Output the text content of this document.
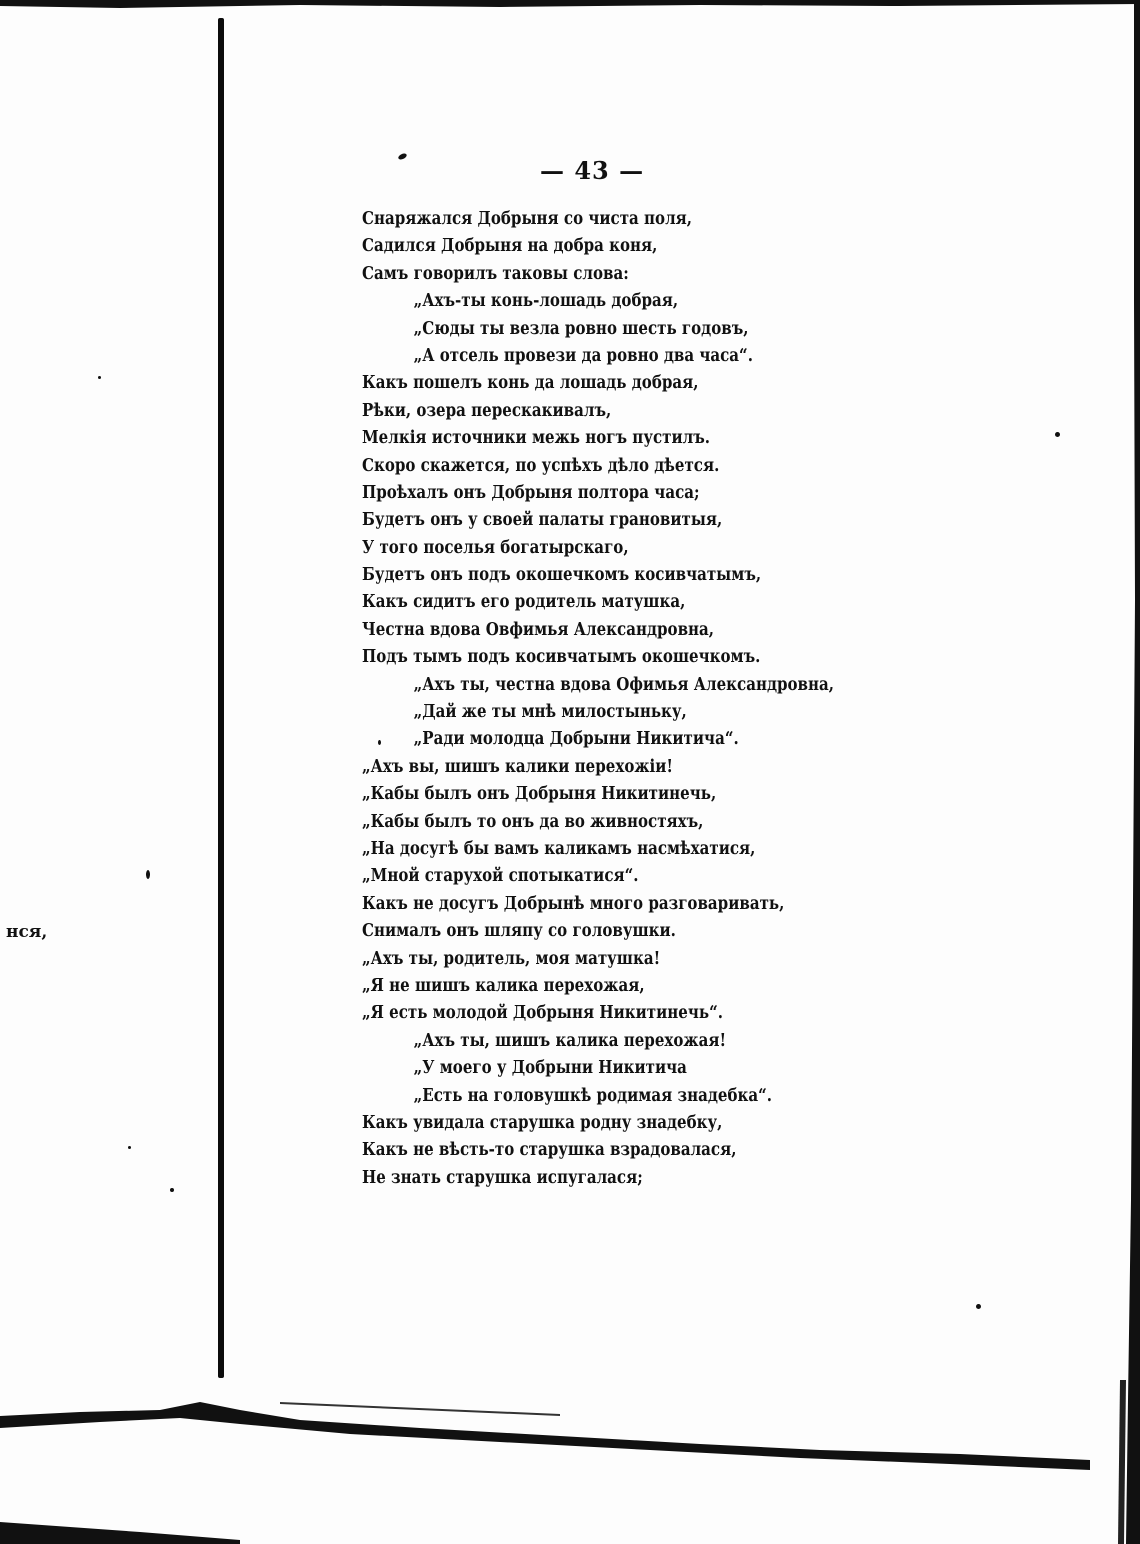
нся,
— 43 —
Снаряжался Добрыня со чиста поля,
Садился Добрыня на добра коня,
Самъ говорилъ таковы слова:
„Ахъ-ты конь-лошадь добрая,
„Сюды ты везла ровно шесть годовъ,
„А отсель провези да ровно два часа“.
Какъ пошелъ конь да лошадь добрая,
Рѣки, озера перескакивалъ,
Мелкія источники межь ногъ пустилъ.
Скоро скажется, по успѣхъ дѣло дѣется.
Проѣхалъ онъ Добрыня полтора часа;
Будетъ онъ у своей палаты грановитыя,
У того поселья богатырскаго,
Будетъ онъ подъ окошечкомъ косивчатымъ,
Какъ сидитъ его родитель матушка,
Честна вдова Овфимья Александровна,
Подъ тымъ подъ косивчатымъ окошечкомъ.
„Ахъ ты, честна вдова Офимья Александровна,
„Дай же ты мнѣ милостыньку,
„Ради молодца Добрыни Никитича“.
„Ахъ вы, шишъ калики перехожіи!
„Кабы былъ онъ Добрыня Никитинечь,
„Кабы былъ то онъ да во живностяхъ,
„На досугѣ бы вамъ каликамъ насмѣхатися,
„Мной старухой спотыкатися“.
Какъ не досугъ Добрынѣ много разговаривать,
Снималъ онъ шляпу со головушки.
„Ахъ ты, родитель, моя матушка!
„Я не шишъ калика перехожая,
„Я есть молодой Добрыня Никитинечь“.
„Ахъ ты, шишъ калика перехожая!
„У моего у Добрыни Никитича
„Есть на головушкѣ родимая знадебка“.
Какъ увидала старушка родну знадебку,
Какъ не вѣсть-то старушка взрадовалася,
Не знать старушка испугалася;
